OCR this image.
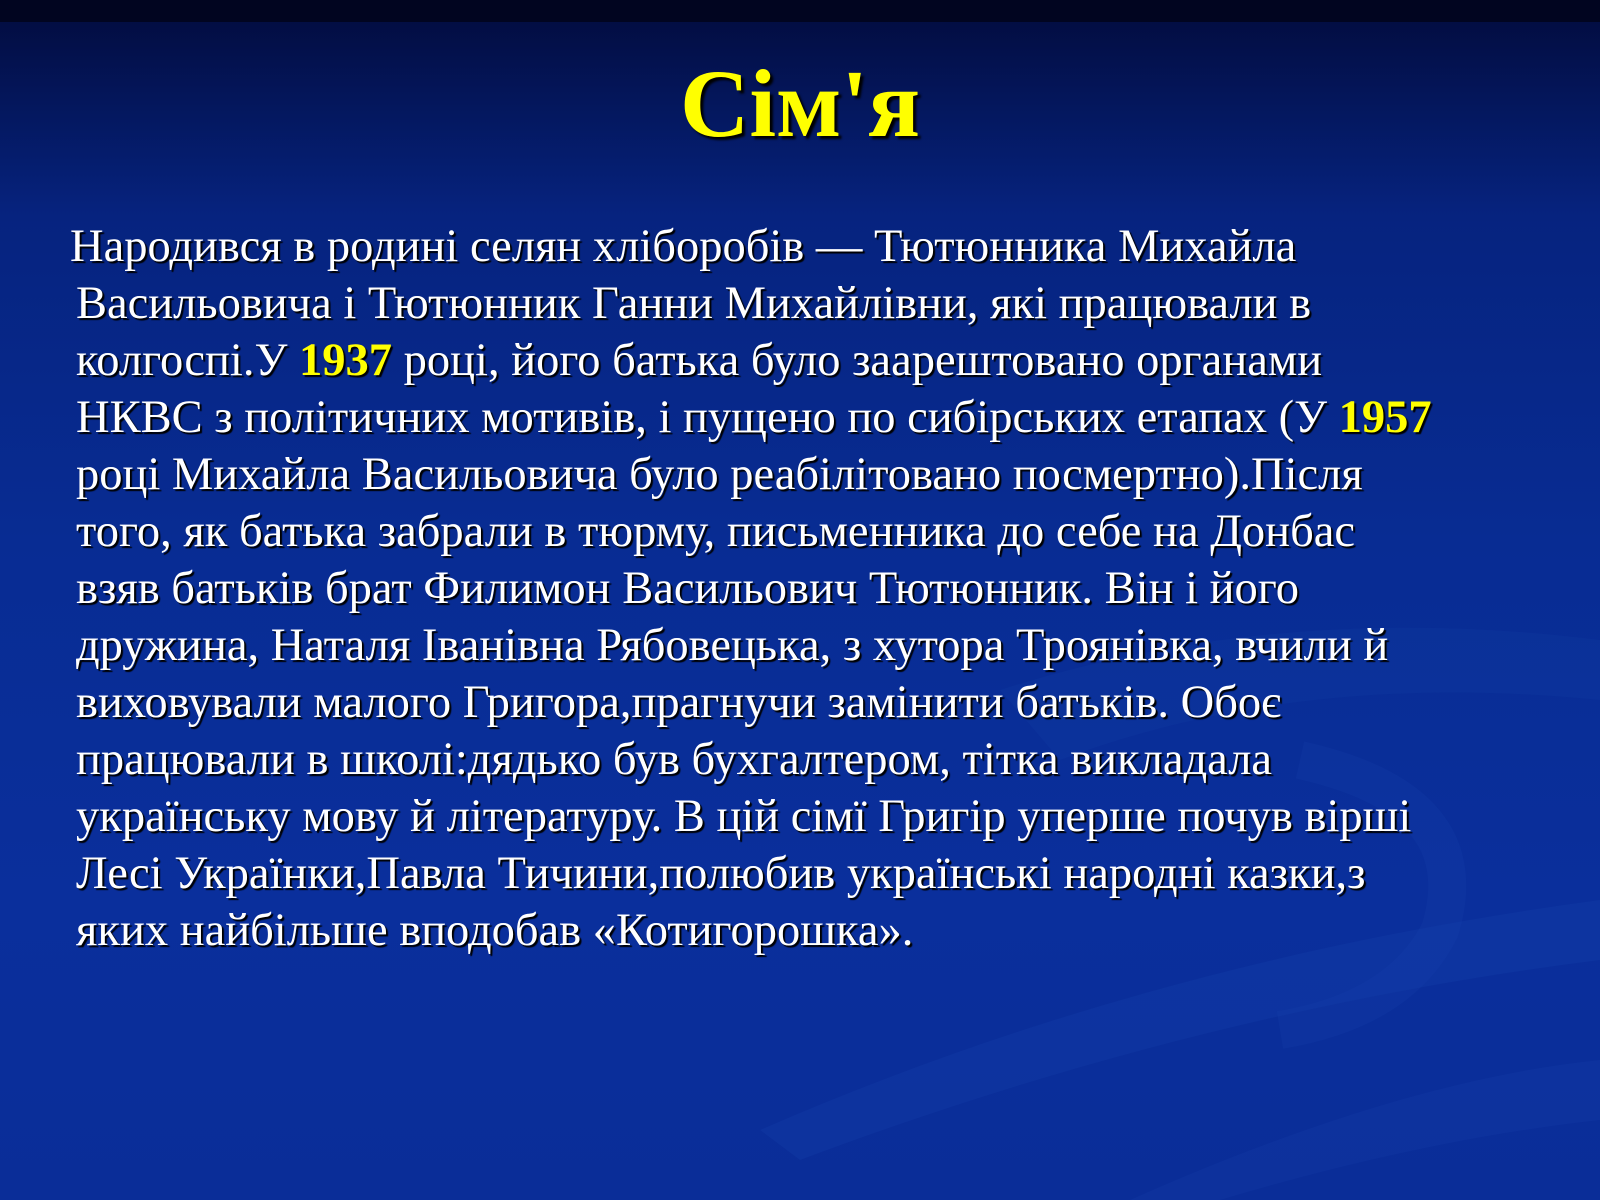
Сім'я
Народився в родині селян хліборобів — Тютюнника Михайла
Васильовича і Тютюнник Ганни Михайлівни, які працювали в
колгоспі.У 1937 році, його батька було заарештовано органами
НКВС з політичних мотивів, і пущено по сибірських етапах (У 1957
році Михайла Васильовича було реабілітовано посмертно).Після
того, як батька забрали в тюрму, письменника до себе на Донбас
взяв батьків брат Филимон Васильович Тютюнник. Він і його
дружина, Наталя Іванівна Рябовецька, з хутора Троянівка, вчили й
виховували малого Григора,прагнучи замінити батьків. Обоє
працювали в школі:дядько був бухгалтером, тітка викладала
українську мову й літературу. В цій сімї Григір уперше почув вірші
Лесі Українки,Павла Тичини,полюбив українські народні казки,з
яких найбільше вподобав «Котигорошка».
